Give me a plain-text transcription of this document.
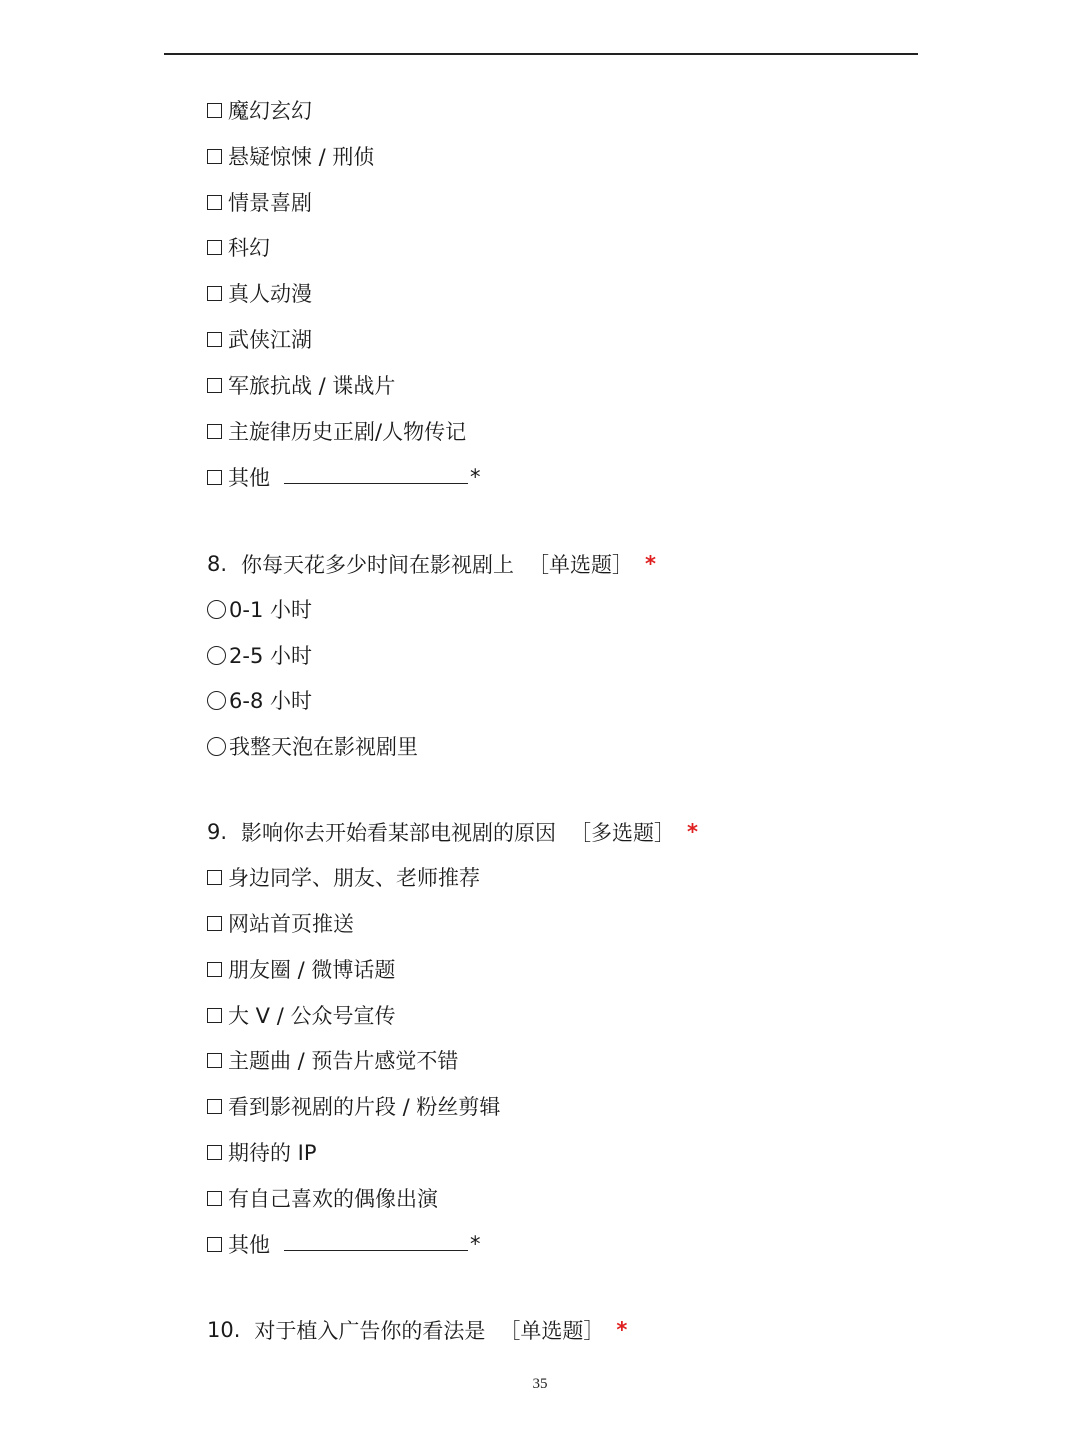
魔幻玄幻
悬疑惊悚 / 刑侦
情景喜剧
科幻
真人动漫
武侠江湖
军旅抗战 / 谍战片
主旋律历史正剧/人物传记
其他	*
8. 你每天花多少时间在影视剧上 ［单选题］ *
0-1 小时
2-5 小时
6-8 小时
我整天泡在影视剧里
9. 影响你去开始看某部电视剧的原因 ［多选题］ *
身边同学、朋友、老师推荐
网站首页推送
朋友圈 / 微博话题
大 V / 公众号宣传
主题曲 / 预告片感觉不错
看到影视剧的片段 / 粉丝剪辑
期待的 IP
有自己喜欢的偶像出演
其他	*
10. 对于植入广告你的看法是 ［单选题］ *
35
